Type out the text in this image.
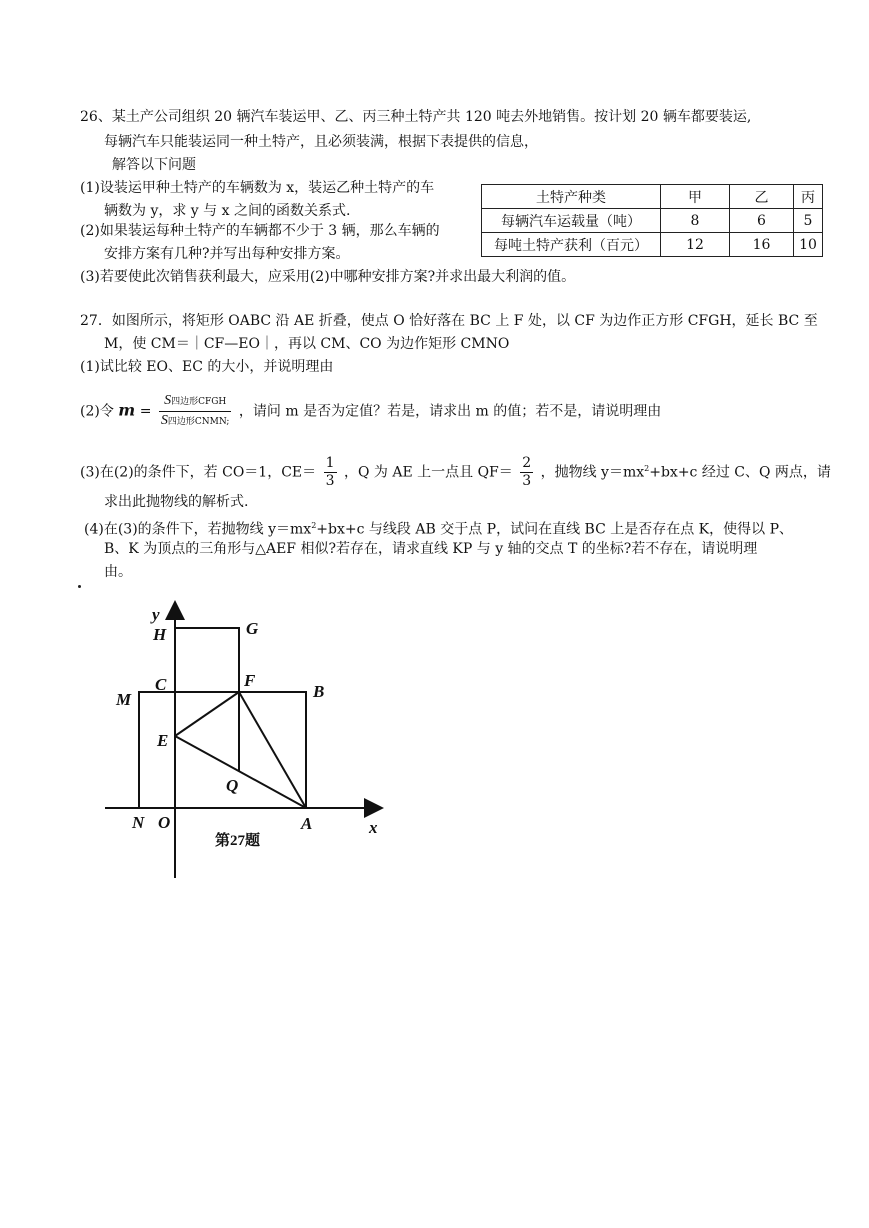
26、某土产公司组织 20 辆汽车装运甲、乙、丙三种土特产共 120 吨去外地销售。按计划 20 辆车都要装运,
每辆汽车只能装运同一种土特产，且必须装满，根据下表提供的信息，
解答以下问题
(1)设装运甲种土特产的车辆数为 x，装运乙种土特产的车
辆数为 y，求 y 与 x 之间的函数关系式.
(2)如果装运每种土特产的车辆都不少于 3 辆，那么车辆的
安排方案有几种?并写出每种安排方案。
(3)若要使此次销售获利最大，应采用(2)中哪种安排方案?并求出最大利润的值。
土特产种类	甲	乙	丙
每辆汽车运载量（吨）	8	6	5
每吨土特产获利（百元）	12	16	10
27．如图所示，将矩形 OABC 沿 AE 折叠，使点 O 恰好落在 BC 上 F 处，以 CF 为边作正方形 CFGH，延长 BC 至
M，使 CM＝｜CF—EO｜，再以 CM、CO 为边作矩形 CMNO
(1)试比较 EO、EC 的大小，并说明理由
(2)令 $m = \frac{\text{S四边形CFGH}}{\text{S四边形CNMN;}}$ ，请问 m 是否为定值？若是，请求出 m 的值；若不是，请说明理由
(3)在(2)的条件下，若 CO＝1，$CE= \frac{1}{3}$ ，Q 为 AE 上一点且 $QF= \frac{2}{3}$ ，抛物线 $y=mx^2+bx+c$ 经过 C、Q 两点，请
求出此抛物线的解析式.
(4)在(3)的条件下，若抛物线 $y=mx^2+bx+c$ 与线段 AB 交于点 P，试问在直线 BC 上是否存在点 K，使得以 P、
B、K 为顶点的三角形与△AEF 相似?若存在，请求直线 KP 与 y 轴的交点 T 的坐标?若不存在，请说明理
由。
y
x
H	G
C	F
B
M
E
Q
N O	A
第27题
